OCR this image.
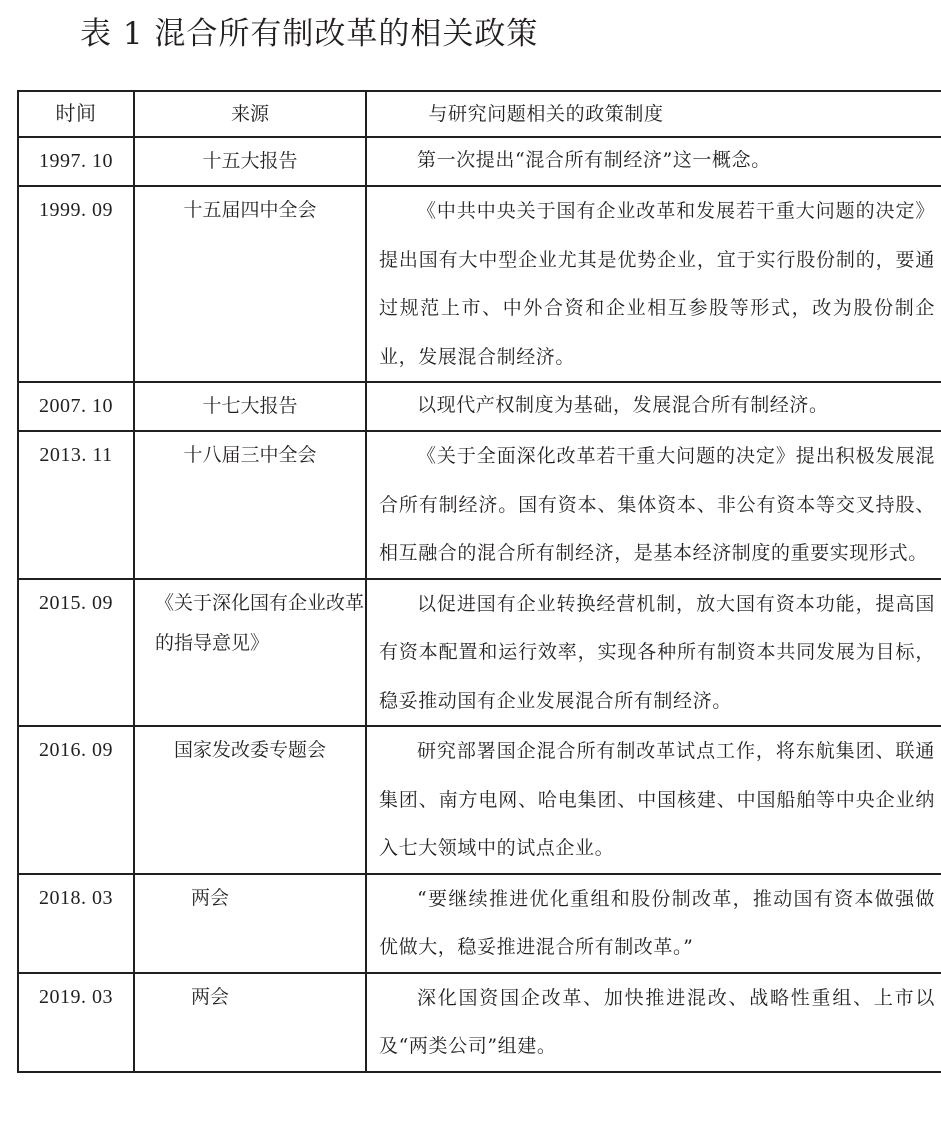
表 1 混合所有制改革的相关政策
时间	来源	与研究问题相关的政策制度
1997. 10	十五大报告	第一次提出“混合所有制经济”这一概念。
1999. 09	十五届四中全会	《中共中央关于国有企业改革和发展若干重大问题的决定》提出国有大中型企业尤其是优势企业，宜于实行股份制的，要通过规范上市、中外合资和企业相互参股等形式，改为股份制企业，发展混合制经济。
2007. 10	十七大报告	以现代产权制度为基础，发展混合所有制经济。
2013. 11	十八届三中全会	《关于全面深化改革若干重大问题的决定》提出积极发展混合所有制经济。国有资本、集体资本、非公有资本等交叉持股、相互融合的混合所有制经济，是基本经济制度的重要实现形式。
2015. 09	《关于深化国有企业改革的指导意见》	以促进国有企业转换经营机制，放大国有资本功能，提高国有资本配置和运行效率，实现各种所有制资本共同发展为目标，稳妥推动国有企业发展混合所有制经济。
2016. 09	国家发改委专题会	研究部署国企混合所有制改革试点工作，将东航集团、联通集团、南方电网、哈电集团、中国核建、中国船舶等中央企业纳入七大领域中的试点企业。
2018. 03	两会	“要继续推进优化重组和股份制改革，推动国有资本做强做优做大，稳妥推进混合所有制改革。”
2019. 03	两会	深化国资国企改革、加快推进混改、战略性重组、上市以及“两类公司”组建。
